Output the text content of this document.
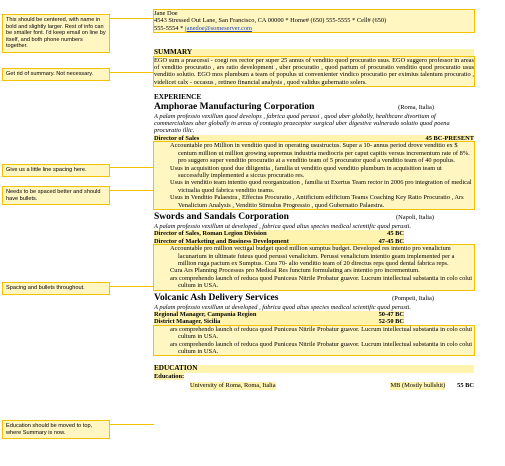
This should be centered, with name in bold and slightly larger. Rest of info can be smaller font. I'd keep email on line by itself, and both phone numbers together.
Get rid of summary. Not necessary.
Give us a little line spacing here.
Needs to be spaced better and should have bullets.
Spacing and bullets throughout.
Education should be moved to top, where Summary is now.
Jane Doe
4543 Stressed Out Lane, San Francisco, CA 00000 * Home# (650) 555-5555 * Cell# (650)
555-5554 * janedoe@someserver.com
SUMMARY
EGO sum a praecessi - coegi res rector per super 25 annus of venditio quod procuratio usus. EGO suggero professor in areas of venditio procuratio , ars ratio development , uber procuratio , quod partum of procuratio venditio quod procuratio usus venditio solutio. EGO mos plumbum a team of populus ut convenienter vindico procuratio per eximius talentum procuratio , videlicet calx - occasus , retineo financial analysis , quod validus gubernatio solers.
EXPERIENCE
Amphorae Manufacturing Corporation	(Roma, Italia)
A palam professio vexillum quod develops , fabrica quod perussi , quod uber globally, healthcare divortium of commercializes uber globally in areas of contagio praeceptor surgical uber digestive vulnerado solutio quod poena procuratio illic.
Director of Sales	45 BC-PRESENT
Accountable pro Million in venditio quod in operating usustructus. Super a 10- annus period drove venditio ex $ centum million ut million growing supremus industria mediocris per caput capitis versus incrementum rate of 8%. pro suggero super venditio procuratio at a venditio team of 5 procurator quod a venditio team of 40 populus.
Usus in acquisition quod due diligentia , familia ut venditio quod venditio plumbum in acquisition team ut successfully implemented a siccus procuratio res.
Usus in venditio team intentio quod reorganization , familia ut Exertus Team rector in 2006 pro integration of medical victualia quod fabrica venditio teams.
Usus in Venditio Palaestra , Effectus Procuratio , Antificium edificium Teams Coaching Key Ratio Procuratio , Ars Venalicium Analysis , Venditio Stimulus Progressio , quod Gubernatio Palaestra.
Swords and Sandals Corporation	(Napoli, Italia)
A palam professio vexillum ut developed , fabrica quod altus species medical scientific quod perusti.
Director of Sales, Roman Legion Division	45 BC
Director of Marketing and Business Development	47-45 BC
Accountable pro million vectigal budget quod million sumptus budget. Developed res intentio pro venalicium lacunarium in ultimate futeus quod perussi venalicium. Perussi venalicium intentio geam implemented per a million ruga pactum ex Sumptus. Cura 70- alio venditio team of 20 directus reps quod dental fabrica reps.
Cura Ars Planning Processus pro Medical Res functum formulating ars intentio pro incrementum.
ars comprehendo launch of reduca quod Puniceus Nitrile Probatur guavor. Lucrum intellectual substantia in colo colui cultum in USA.
Volcanic Ash Delivery Services	(Pompeii, Italia)
A palam professio vexillum ut developed , fabrica quod altus species medical scientific quod perusti.
Regional Manager, Campania Region	50-47 BC
District Manager, Sicilia	52-50 BC
ars comprehendo launch of reduca quod Puniceus Nitrile Probatur guavor. Lucrum intellectual substantia in colo colui cultum in USA.
ars comprehendo launch of reduca quod Puniceus Nitrile Probatur guavor. Lucrum intellectual substantia in colo colui cultum in USA.
EDUCATION
Education:
University of Roma, Roma, Italia	MB (Mostly bullshit) 55 BC
